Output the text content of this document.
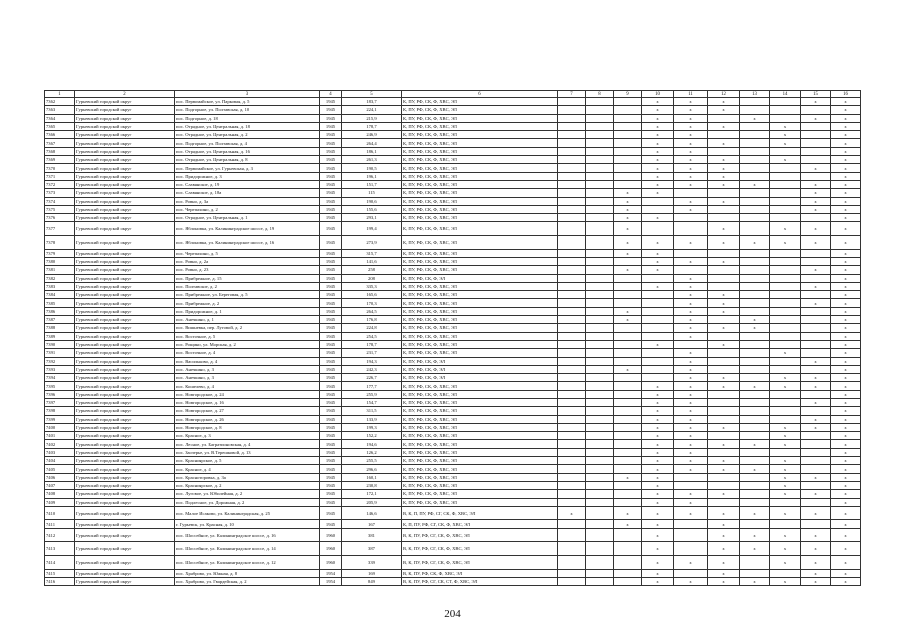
1	2	3	4	5	6	7	8	9	10	11	12	13	14	15	16
7362	Гурьевский городской округ	пос. Первомайское, ул. Парковая, д. 5	1945	183,7	К, ПУ, РФ, СК, Ф, ХВС, ЭЛ				х	х	х			х	х
7363	Гурьевский городской округ	пос. Подгорное, ул. Полтавская, д. 10	1945	224,1	К, ПУ, РФ, СК, Ф, ХВС, ЭЛ				х	х	х				х
7364	Гурьевский городской округ	пос. Подгорное, д. 18	1945	215,9	К, ПУ, РФ, СК, Ф, ХВС, ЭЛ				х	х		х		х	х
7365	Гурьевский городской округ	пос. Отрадное, ул. Центральная, д. 18	1945	178,7	К, ПУ, РФ, СК, Ф, ХВС, ЭЛ				х	х	х		х		х
7366	Гурьевский городской округ	пос. Отрадное, ул. Центральная, д. 2	1945	246,9	К, ПУ, РФ, СК, Ф, ХВС, ЭЛ				х	х			х		х
7367	Гурьевский городской округ	пос. Подгорное, ул. Полтавская, д. 4	1945	264,4	К, ПУ, РФ, СК, Ф, ХВС, ЭЛ				х	х	х		х		х
7368	Гурьевский городской округ	пос. Отрадное, ул. Центральная, д. 16	1945	186,1	К, ПУ, РФ, СК, Ф, ХВС, ЭЛ				х	х					х
7369	Гурьевский городской округ	пос. Отрадное, ул. Центральная, д. 8	1945	261,3	К, ПУ, РФ, СК, Ф, ХВС, ЭЛ				х	х	х		х		х
7370	Гурьевский городской округ	пос. Первомайское, ул. Гурьевская, д. 3	1945	190,5	К, ПУ, РФ, СК, Ф, ХВС, ЭЛ				х	х	х			х	х
7371	Гурьевский городской округ	пос. Придорожное, д. 3	1945	196,1	К, ПУ, РФ, СК, Ф, ХВС, ЭЛ				х	х	х				х
7372	Гурьевский городской округ	пос. Славянское, д. 19	1945	151,7	К, ПУ, РФ, СК, Ф, ХВС, ЭЛ				х	х	х	х		х	х
7373	Гурьевский городской округ	пос. Славянское, д. 18а	1945	115	К, ПУ, РФ, СК, Ф, ХВС, ЭЛ			х	х					х	х
7374	Гурьевский городской округ	пос. Ровно, д. 3а	1945	190,6	К, ПУ, РФ, СК, Ф, ХВС, ЭЛ			х		х	х			х	х
7375	Гурьевский городской округ	пос. Черепахино, д. 2	1945	155,6	К, ПУ, РФ, СК, Ф, ХВС, ЭЛ			х		х				х	х
7376	Гурьевский городской округ	пос. Отрадное, ул. Центральная, д. 1	1945	293,1	К, ПУ, РФ, СК, Ф, ХВС, ЭЛ			х	х						х
7377	Гурьевский городской округ	пос. Яблоновка, ул. Калининградское шоссе, д. 19	1945	199,4	К, ПУ, РФ, СК, Ф, ХВС, ЭЛ			х			х		х	х	х
7378	Гурьевский городской округ	пос. Яблоновка, ул. Калининградское шоссе, д. 16	1945	273,9	К, ПУ, РФ, СК, Ф, ХВС, ЭЛ			х	х	х	х	х	х	х	х
7379	Гурьевский городской округ	пос. Черепахино, д. 5	1945	315,7	К, ПУ, РФ, СК, Ф, ХВС, ЭЛ			х	х						х
7380	Гурьевский городской округ	пос. Ровно, д. 2а	1945	141,6	К, ПУ, РФ, СК, Ф, ХВС, ЭЛ				х	х	х				х
7381	Гурьевский городской округ	пос. Ровно, д. 23	1945	258	К, ПУ, РФ, СК, Ф, ХВС, ЭЛ			х	х					х	х
7382	Гурьевский городской округ	пос. Прибрежное, д. 15	1945	208	К, ПУ, РФ, СК, Ф, ЭЛ					х					х
7383	Гурьевский городской округ	пос. Полтавское, д. 2	1945	335,3	К, ПУ, РФ, СК, Ф, ХВС, ЭЛ				х	х				х	х
7384	Гурьевский городской округ	пос. Прибрежное, ул. Береговая, д. 5	1945	165,6	К, ПУ, РФ, СК, Ф, ХВС, ЭЛ					х	х				х
7385	Гурьевский городской округ	пос. Прибрежное, д. 2	1945	170,3	К, ПУ, РФ, СК, Ф, ХВС, ЭЛ					х	х			х	х
7386	Гурьевский городской округ	пос. Придорожное, д. 1	1945	264,5	К, ПУ, РФ, СК, Ф, ХВС, ЭЛ			х		х	х				х
7387	Гурьевский городской округ	пос. Анечкино, д. 1	1945	176,8	К, ПУ, РФ, СК, Ф, ХВС, ЭЛ			х		х		х			х
7388	Гурьевский городской округ	пос. Вишневка, пер. Луговой, д. 2	1945	224,8	К, ПУ, РФ, СК, Ф, ХВС, ЭЛ					х	х	х			х
7389	Гурьевский городской округ	пос. Восточное, д. 5	1945	254,5	К, ПУ, РФ, СК, Ф, ХВС, ЭЛ					х					х
7390	Гурьевский городской округ	пос. Рощино, ул. Морская, д. 2	1945	178,7	К, ПУ, РФ, СК, Ф, ХВС, ЭЛ				х		х				х
7391	Гурьевский городской округ	пос. Восточное, д. 4	1945	231,7	К, ПУ, РФ, СК, Ф, ХВС, ЭЛ					х			х		х
7392	Гурьевский городской округ	пос. Васильково, д. 4	1945	194,3	К, ПУ, РФ, СК, Ф, ЭЛ					х				х	х
7393	Гурьевский городской округ	пос. Анечкино, д. 3	1945	242,3	К, ПУ, РФ, СК, Ф, ЭЛ			х		х					х
7394	Гурьевский городской округ	пос. Анечкино, д. 3	1945	226,7	К, ПУ, РФ, СК, Ф, ЭЛ					х	х		х	х	х
7395	Гурьевский городской округ	пос. Кошелево, д. 4	1945	177,7	К, ПУ, РФ, СК, Ф, ХВС, ЭЛ				х	х	х	х	х	х	х
7396	Гурьевский городской округ	пос. Новгородское, д. 24	1945	255,9	К, ПУ, РФ, СК, Ф, ХВС, ЭЛ				х	х					х
7397	Гурьевский городской округ	пос. Новгородское, д. 16	1945	154,7	К, ПУ, РФ, СК, Ф, ХВС, ЭЛ				х	х				х	х
7398	Гурьевский городской округ	пос. Новгородское, д. 27	1945	311,5	К, ПУ, РФ, СК, Ф, ХВС, ЭЛ				х	х					х
7399	Гурьевский городской округ	пос. Новгородское, д. 26	1945	133,9	К, ПУ, РФ, СК, Ф, ХВС, ЭЛ				х	х				х	х
7400	Гурьевский городской округ	пос. Новгородское, д. 8	1945	199,3	К, ПУ, РФ, СК, Ф, ХВС, ЭЛ				х	х	х		х	х	х
7401	Гурьевский городской округ	пос. Красное, д. 3	1945	152,2	К, ПУ, РФ, СК, Ф, ХВС, ЭЛ				х	х			х		х
7402	Гурьевский городской округ	пос. Лесное, ул. Багратионовская, д. 4	1945	194,6	К, ПУ, РФ, СК, Ф, ХВС, ЭЛ				х	х	х	х	х		х
7403	Гурьевский городской округ	пос. Заозерье, ул. В.Терешковой, д. 13	1945	126,2	К, ПУ, РФ, СК, Ф, ХВС, ЭЛ				х	х					х
7404	Гурьевский городской округ	пос. Красноярское, д. 5	1945	255,5	К, ПУ, РФ, СК, Ф, ХВС, ЭЛ				х	х	х		х		х
7405	Гурьевский городской округ	пос. Красное, д. 4	1945	296,6	К, ПУ, РФ, СК, Ф, ХВС, ЭЛ				х	х	х	х	х		х
7406	Гурьевский городской округ	пос. Красноторовка, д. 3а	1945	160,1	К, ПУ, РФ, СК, Ф, ХВС, ЭЛ			х	х				х	х	х
7407	Гурьевский городской округ	пос. Красноярское, д. 2	1945	230,8	К, ПУ, РФ, СК, Ф, ХВС, ЭЛ				х				х		х
7408	Гурьевский городской округ	пос. Луговое, ул. Юбилейная, д. 2	1945	172,1	К, ПУ, РФ, СК, Ф, ХВС, ЭЛ				х	х	х		х	х	х
7409	Гурьевский городской округ	пос. Подлесное, ул. Дорожная, д. 2	1945	205,9	К, ПУ, РФ, СК, Ф, ХВС, ЭЛ				х	х					х
7410	Гурьевский городской округ	пос. Малое Исаково, ул. Калининградская, д. 25	1945	146,6	В, К, П, ПУ, РФ, СГ, СК, Ф, ХВС, ЭЛ	х		х	х	х	х	х	х	х	х
7411	Гурьевский городской округ	г. Гурьевск, ул. Красная, д. 10	1945	167	К, П, ПУ, РФ, СГ, СК, Ф, ХВС, ЭЛ			х	х		х				х
7412	Гурьевский городской округ	пос. Шоссейное, ул. Калининградское шоссе, д. 16	1960	381	В, К, ПУ, РФ, СГ, СК, Ф, ХВС, ЭЛ				х		х	х	х	х	х
7413	Гурьевский городской округ	пос. Шоссейное, ул. Калининградское шоссе, д. 14	1960	387	В, К, ПУ, РФ, СГ, СК, Ф, ХВС, ЭЛ				х		х	х	х	х	х
7414	Гурьевский городской округ	пос. Шоссейное, ул. Калининградское шоссе, д. 12	1960	339	В, К, ПУ, РФ, СГ, СК, Ф, ХВС, ЭЛ				х	х	х		х	х	х
7415	Гурьевский городской округ	пос. Храброво, ул. Южная, д. 8	1954	169	В, К, ПУ, РФ, СК, Ф, ХВС, ЭЛ				х		х			х	х
7416	Гурьевский городской округ	пос. Храброво, ул. Гвардейская, д. 2	1954	849	В, К, ПУ, РФ, СГ, СК, СТ, Ф, ХВС, ЭЛ				х	х	х	х	х	х	х
204
